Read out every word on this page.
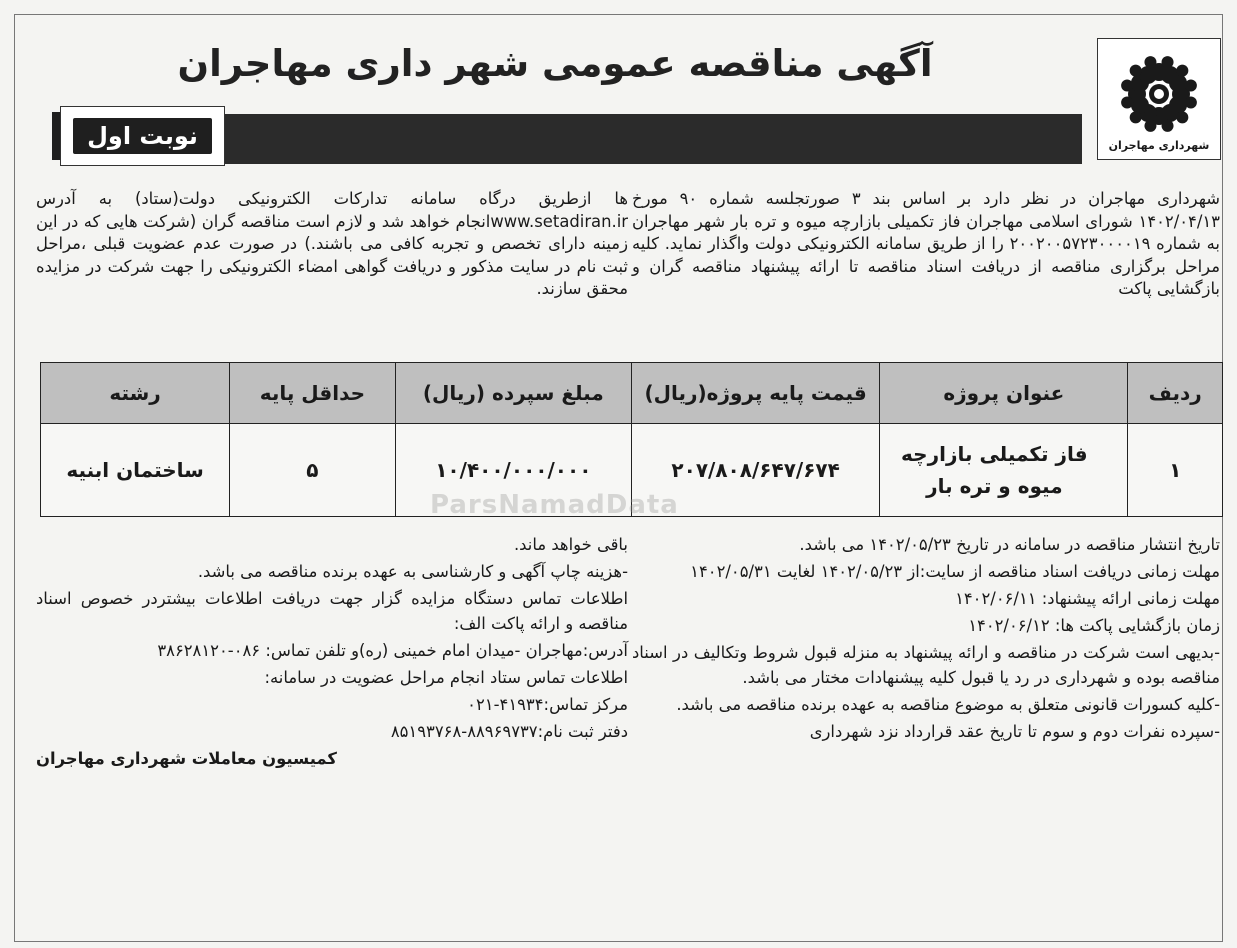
شهرداری مهاجران
آگهی مناقصه عمومی شهر داری مهاجران
نوبت اول

شهرداری مهاجران در نظر دارد بر اساس بند ۳ صورتجلسه شماره ۹۰ مورخ ۱۴۰۲/۰۴/۱۳ شورای اسلامی مهاجران فاز تکمیلی بازارچه میوه و تره بار شهر مهاجران به شماره ۲۰۰۲۰۰۵۷۲۳۰۰۰۰۱۹ را از طریق سامانه الکترونیکی دولت واگذار نماید. کلیه مراحل برگزاری مناقصه از دریافت اسناد مناقصه تا ارائه پیشنهاد مناقصه گران و بازگشایی پاکت

ها ازطریق درگاه سامانه تدارکات الکترونیکی دولت(ستاد) به آدرس www.setadiran.irانجام خواهد شد و لازم است مناقصه گران (شرکت هایی که در این زمینه دارای تخصص و تجربه کافی می باشند.) در صورت عدم عضویت قبلی ،مراحل ثبت نام در سایت مذکور و دریافت گواهی امضاء الکترونیکی را جهت شرکت در مزایده محقق سازند.

ردیف	عنوان پروژه	قیمت پایه پروژه(ریال)	مبلغ سپرده (ریال)	حداقل پایه	رشته
۱	فاز تکمیلی بازارچه میوه و تره بار	۲۰۷/۸۰۸/۶۴۷/۶۷۴	۱۰/۴۰۰/۰۰۰/۰۰۰	۵	ساختمان ابنیه

تاریخ انتشار مناقصه در سامانه در تاریخ ۱۴۰۲/۰۵/۲۳ می باشد.

مهلت زمانی دریافت اسناد مناقصه از سایت:از ۱۴۰۲/۰۵/۲۳ لغایت ۱۴۰۲/۰۵/۳۱

مهلت زمانی ارائه پیشنهاد: ۱۴۰۲/۰۶/۱۱

زمان بازگشایی پاکت ها: ۱۴۰۲/۰۶/۱۲

-بدیهی است شرکت در مناقصه و ارائه پیشنهاد به منزله قبول شروط وتکالیف در اسناد مناقصه بوده و شهرداری در رد یا قبول کلیه پیشنهادات مختار می باشد.

-کلیه کسورات قانونی متعلق به موضوع مناقصه به عهده برنده مناقصه می باشد.

-سپرده نفرات دوم و سوم تا تاریخ عقد قرارداد نزد شهرداری

باقی خواهد ماند.

-هزینه چاپ آگهی و کارشناسی به عهده برنده مناقصه می باشد.

اطلاعات تماس دستگاه مزایده گزار جهت دریافت اطلاعات بیشتردر خصوص اسناد مناقصه و ارائه پاکت الف:

آدرس:مهاجران -میدان امام خمینی (ره)و تلفن تماس: ۰۸۶-۳۸۶۲۸۱۲۰

اطلاعات تماس ستاد انجام مراحل عضویت در سامانه:

مرکز تماس:۴۱۹۳۴-۰۲۱

دفتر ثبت نام:۸۸۹۶۹۷۳۷-۸۵۱۹۳۷۶۸

کمیسیون معاملات شهرداری مهاجران

ParsNamadData
